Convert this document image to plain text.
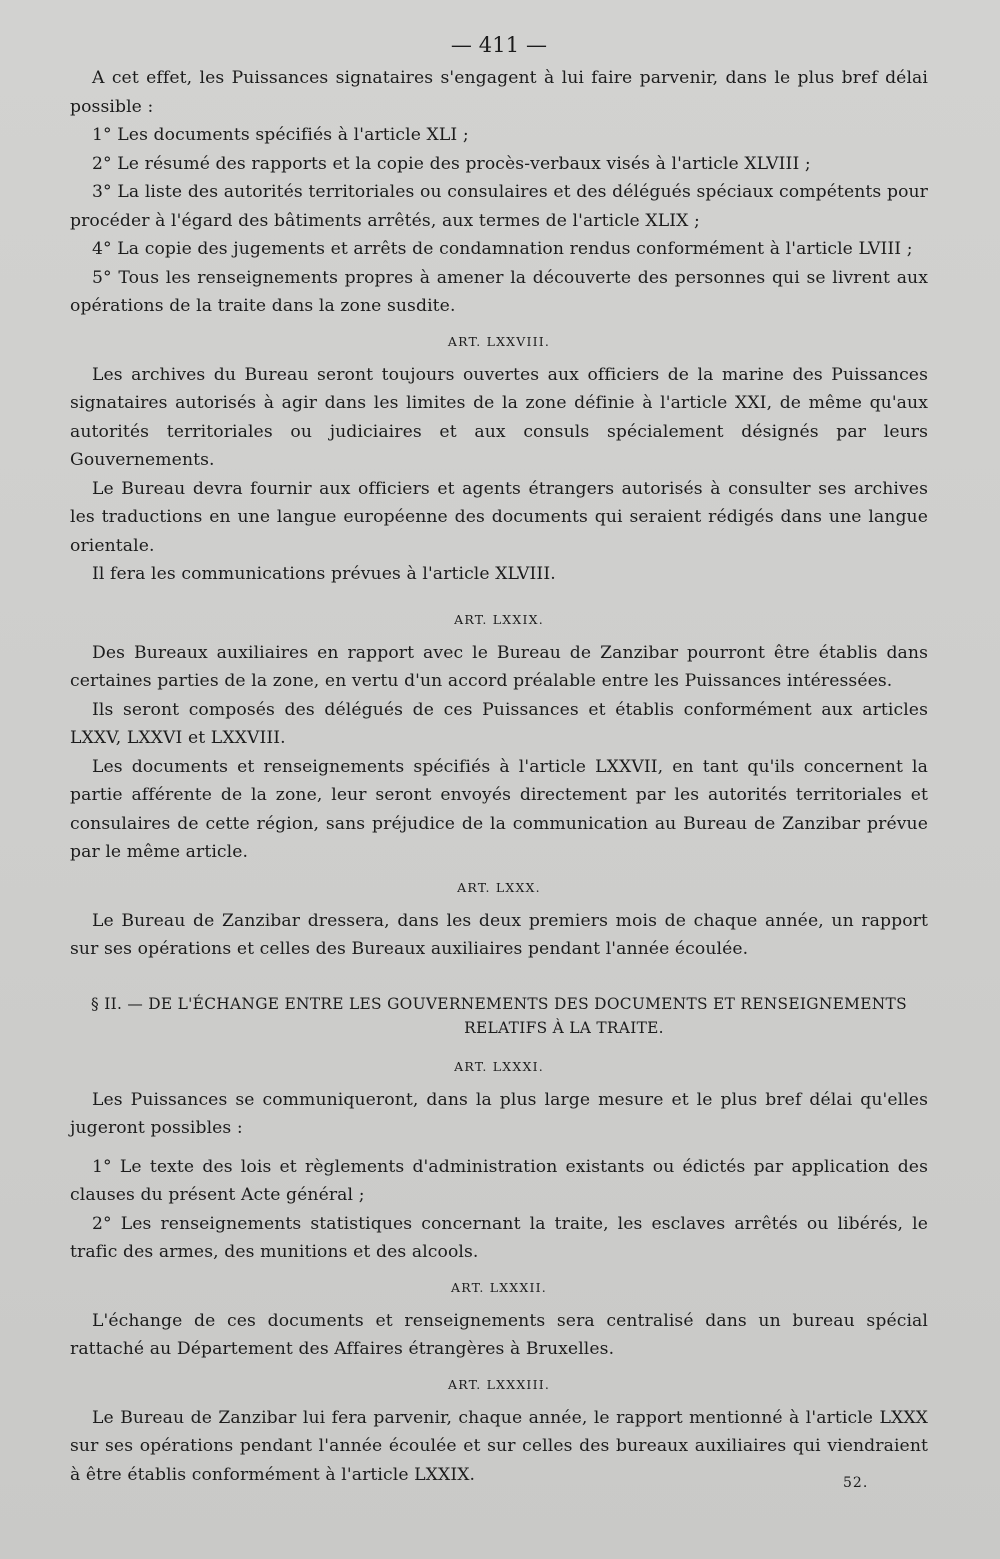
— 411 —

A cet effet, les Puissances signataires s'engagent à lui faire parvenir, dans le plus bref délai possible :

1° Les documents spécifiés à l'article XLI ;

2° Le résumé des rapports et la copie des procès-verbaux visés à l'article XLVIII ;

3° La liste des autorités territoriales ou consulaires et des délégués spéciaux compétents pour procéder à l'égard des bâtiments arrêtés, aux termes de l'article XLIX ;

4° La copie des jugements et arrêts de condamnation rendus conformément à l'article LVIII ;

5° Tous les renseignements propres à amener la découverte des personnes qui se livrent aux opérations de la traite dans la zone susdite.

ART. LXXVIII.

Les archives du Bureau seront toujours ouvertes aux officiers de la marine des Puissances signataires autorisés à agir dans les limites de la zone définie à l'article XXI, de même qu'aux autorités territoriales ou judiciaires et aux consuls spécialement désignés par leurs Gouvernements.

Le Bureau devra fournir aux officiers et agents étrangers autorisés à consulter ses archives les traductions en une langue européenne des documents qui seraient rédigés dans une langue orientale.

Il fera les communications prévues à l'article XLVIII.

ART. LXXIX.

Des Bureaux auxiliaires en rapport avec le Bureau de Zanzibar pourront être établis dans certaines parties de la zone, en vertu d'un accord préalable entre les Puissances intéressées.

Ils seront composés des délégués de ces Puissances et établis conformément aux articles LXXV, LXXVI et LXXVIII.

Les documents et renseignements spécifiés à l'article LXXVII, en tant qu'ils concernent la partie afférente de la zone, leur seront envoyés directement par les autorités territoriales et consulaires de cette région, sans préjudice de la communication au Bureau de Zanzibar prévue par le même article.

ART. LXXX.

Le Bureau de Zanzibar dressera, dans les deux premiers mois de chaque année, un rapport sur ses opérations et celles des Bureaux auxiliaires pendant l'année écoulée.

§ II. — DE L'ÉCHANGE ENTRE LES GOUVERNEMENTS DES DOCUMENTS ET RENSEIGNEMENTS
RELATIFS À LA TRAITE.
ART. LXXXI.

Les Puissances se communiqueront, dans la plus large mesure et le plus bref délai qu'elles jugeront possibles :

1° Le texte des lois et règlements d'administration existants ou édictés par application des clauses du présent Acte général ;

2° Les renseignements statistiques concernant la traite, les esclaves arrêtés ou libérés, le trafic des armes, des munitions et des alcools.

ART. LXXXII.

L'échange de ces documents et renseignements sera centralisé dans un bureau spécial rattaché au Département des Affaires étrangères à Bruxelles.

ART. LXXXIII.

Le Bureau de Zanzibar lui fera parvenir, chaque année, le rapport mentionné à l'article LXXX sur ses opérations pendant l'année écoulée et sur celles des bureaux auxiliaires qui viendraient à être établis conformément à l'article LXXIX.	52.
